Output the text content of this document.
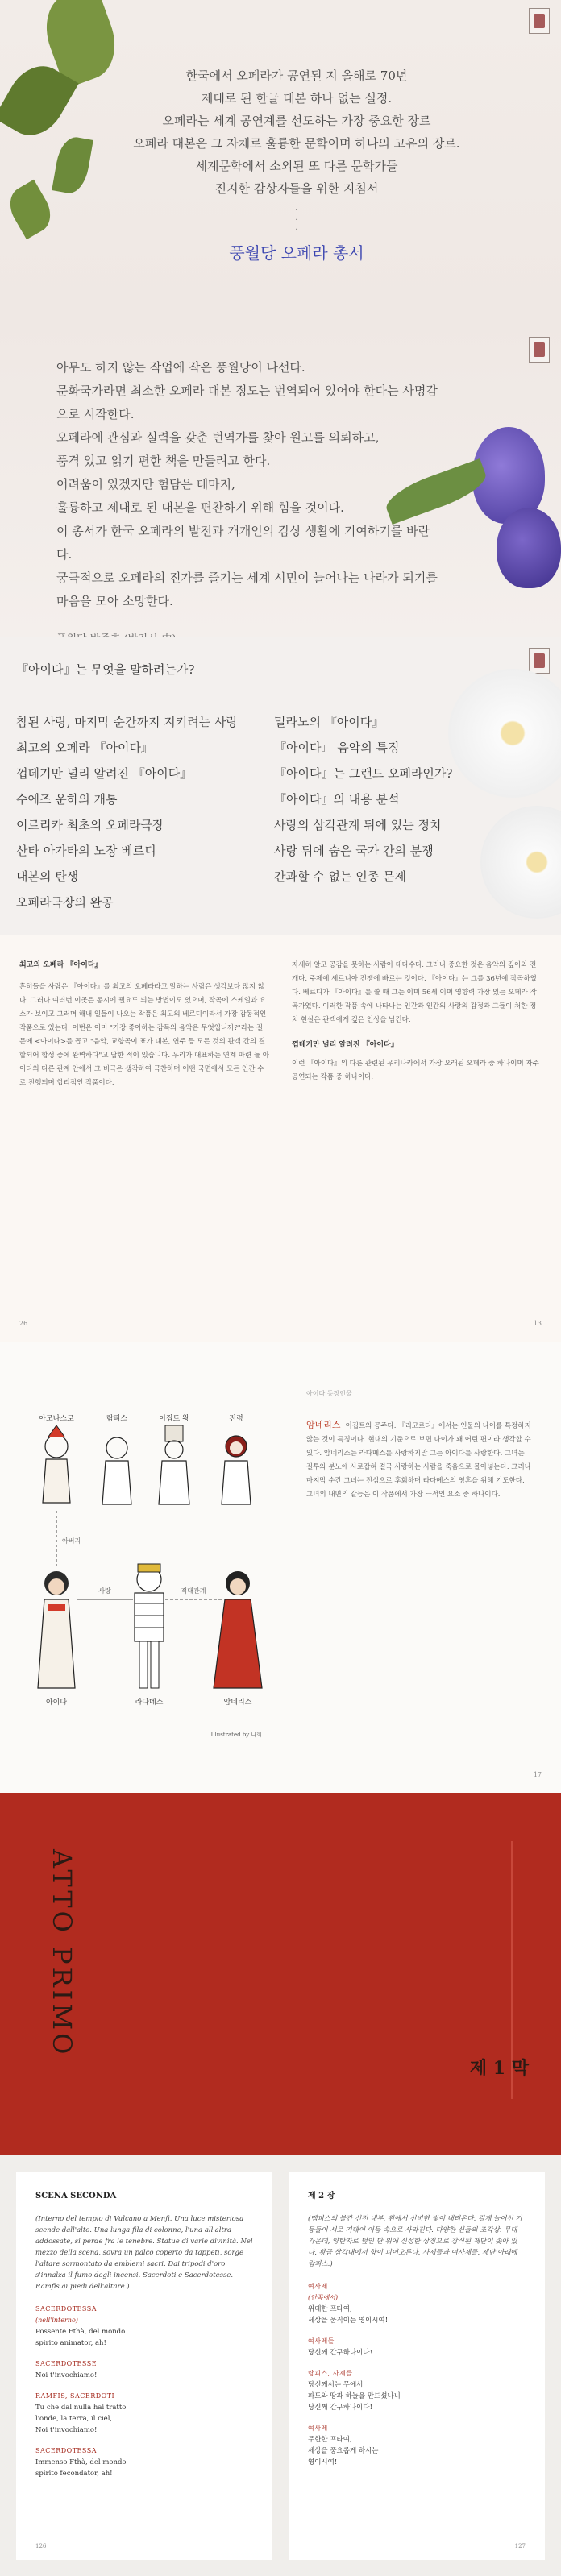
한국에서 오페라가 공연된 지 올해로 70년
제대로 된 한글 대본 하나 없는 실정.
오페라는 세계 공연계를 선도하는 가장 중요한 장르
오페라 대본은 그 자체로 훌륭한 문학이며 하나의 고유의 장르.
세계문학에서 소외된 또 다른 문학가들
진지한 감상자들을 위한 지침서
·
·
·
풍월당 오페라 총서
아무도 하지 않는 작업에 작은 풍월당이 나선다.
문화국가라면 최소한 오페라 대본 정도는 번역되어 있어야 한다는 사명감으로 시작한다.
오페라에 관심과 실력을 갖춘 번역가를 찾아 원고를 의뢰하고,
품격 있고 읽기 편한 책을 만들려고 한다.
어려움이 있겠지만 험담은 테마지,
훌륭하고 제대로 된 대본을 편찬하기 위해 힘을 것이다.
이 총서가 한국 오페라의 발전과 개개인의 감상 생활에 기여하기를 바란다.
궁극적으로 오페라의 진가를 즐기는 세계 시민이 늘어나는 나라가 되기를
마음을 모아 소망한다.
『아이다』는 무엇을 말하려는가?
참된 사랑, 마지막 순간까지 지키려는 사랑
최고의 오페라 『아이다』
껍데기만 널리 알려진 『아이다』
수에즈 운하의 개통
이르리카 최초의 오페라극장
산타 아가타의 노장 베르디
대본의 탄생
오페라극장의 완공
밀라노의 『아이다』
『아이다』 음악의 특징
『아이다』는 그랜드 오페라인가?
『아이다』의 내용 분석
사랑의 삼각관계 뒤에 있는 정치
사랑 뒤에 숨은 국가 간의 분쟁
간과할 수 없는 인종 문제
최고의 오페라 『아이다』
흔히들을 사람은 『아이다』를 최고의 오페라라고 말하는 사람은 생각보다 많지 않다. 그러나 여러번 이곳은 동시에 필요도 되는 방법이도 있으며, 작곡에 스케일과 요소가 보이고 그러며 해내 일들이 나오는 작품은 최고의 베르디이라서 가장 감동적인 작품으로 있는다. 이번은 이미 "가장 좋아하는 감독의 음악은 무엇입니까?"라는 질문에 <아이다>를 꼽고 "음악, 교향곡이 표가 대본, 연주 등 모든 것의 관객 간의 결합되어 합성 중에 완벽하다"고 답한 적이 있습니다. 우리가 대표하는 연계 마련 들 아이다의 다른 관계 안에서 그 비극은 생각하여 극찬하며 어떤 국면에서 모든 인간 수로 진행되며 합리적인 작품이다.
26
자세히 알고 공감을 못하는 사람이 대다수다. 그러나 중요한 것은 음악의 깊이와 전개다. 주제에 세르니아 전쟁에 빠르는 것이다. 『아이다』는 그를 36년에 작곡하였다. 베르디가 『아이다』를 쓸 때 그는 이미 56세 이며 영향력 가장 있는 오페라 작곡가였다. 이러한 작품 속에 나타나는 인간과 인간의 사랑의 감정과 그들이 처한 정치 현실은 관객에게 깊은 인상을 남긴다.
껍데기만 널리 알려진 『아이다』
이런 『아이다』의 다른 관련된 우리나라에서 가장 오래된 오페라 중 하나이며 자주 공연되는 작품 중 하나이다.
13
아모나스로	람피스	이집트 왕	전령
아버지
사랑	적대관계
아이다	라다메스	암네리스
Illustrated by 나희
아이다 등장인물
암네리스 이집트의 공주다. 『리고르다』에서는 인물의 나이를 특정하지 않는 것이 특징이다. 현대의 기준으로 보면 나이가 꽤 어린 편이라 생각할 수 있다. 암네리스는 라다메스를 사랑하지만 그는 아이다를 사랑한다. 그녀는 질투와 분노에 사로잡혀 결국 사랑하는 사람을 죽음으로 몰아넣는다. 그러나 마지막 순간 그녀는 진심으로 후회하며 라다메스의 영혼을 위해 기도한다. 그녀의 내면의 갈등은 이 작품에서 가장 극적인 요소 중 하나이다.
17
ATTO PRIMO
제 1 막
SCENA SECONDA
(Interno del tempio di Vulcano a Menfi. Una luce misteriosa scende dall'alto. Una lunga fila di colonne, l'una all'altra addossate, si perde fra le tenebre. Statue di varie divinità. Nel mezzo della scena, sovra un palco coperto da tappeti, sorge l'altare sormontato da emblemi sacri. Dai tripodi d'oro s'innalza il fumo degli incensi. Sacerdoti e Sacerdotesse. Ramfis ai piedi dell'altare.)
SACERDOTESSA
(nell'interno)
Possente Fthà, del mondo
spirito animator, ah!
SACERDOTESSE
Noi t'invochiamo!
RAMFIS, SACERDOTI
Tu che dal nulla hai tratto
l'onde, la terra, il ciel,
Noi t'invochiamo!
SACERDOTESSA
Immenso Fthà, del mondo
spirito fecondator, ah!
126
제 2 장
(멤피스의 불칸 신전 내부. 위에서 신비한 빛이 내려온다. 길게 늘어선 기둥들이 서로 기대어 어둠 속으로 사라진다. 다양한 신들의 조각상. 무대 가운데, 양탄자로 덮인 단 위에 신성한 상징으로 장식된 제단이 솟아 있다. 황금 삼각대에서 향이 피어오른다. 사제들과 여사제들. 제단 아래에 람피스.)
여사제
(안쪽에서)
위대한 프타여,
세상을 움직이는 영이시여!
여사제들
당신께 간구하나이다!
람피스, 사제들
당신께서는 무에서
파도와 땅과 하늘을 만드셨나니
당신께 간구하나이다!
여사제
무한한 프타여,
세상을 풍요롭게 하시는
영이시여!
127
